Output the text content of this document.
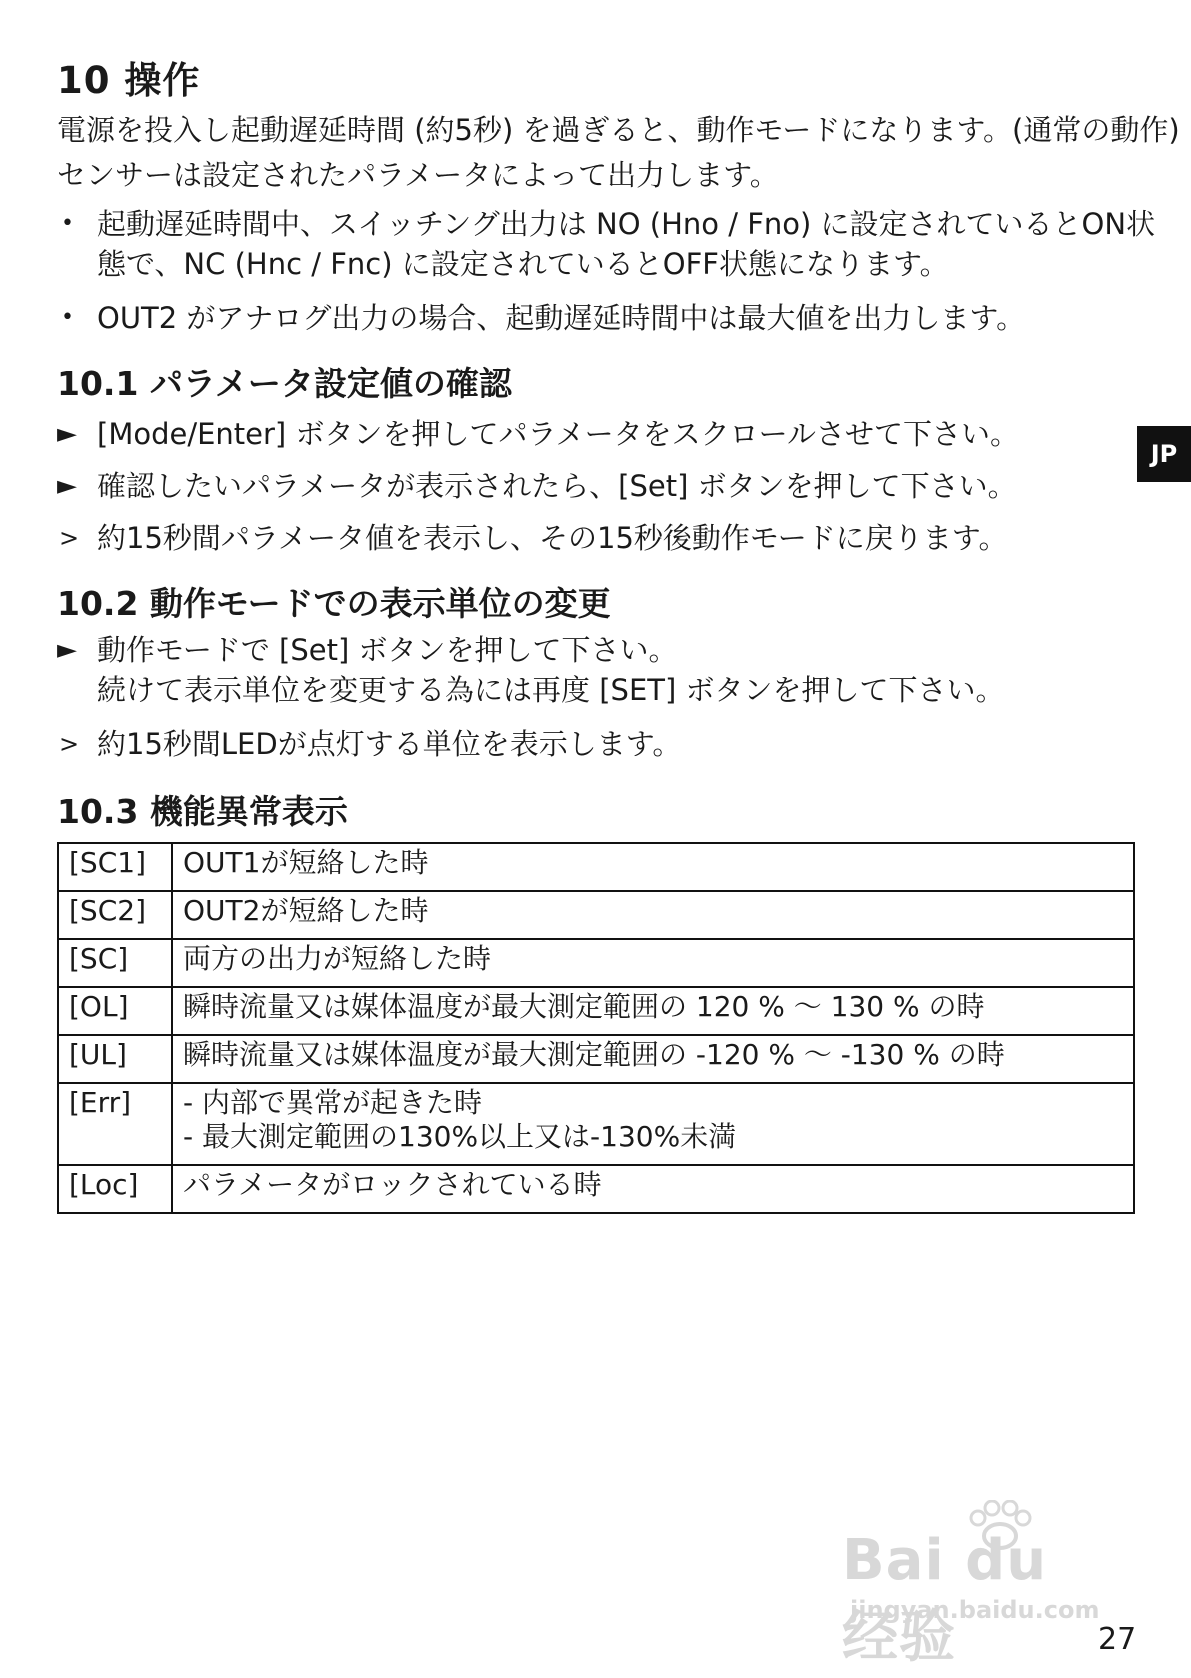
10 操作

電源を投入し起動遅延時間 (約5秒) を過ぎると、動作モードになります。(通常の動作)

センサーは設定されたパラメータによって出力します。

• 起動遅延時間中、スイッチング出力は NO (Hno / Fno) に設定されているとON状
態で、NC (Hnc / Fnc) に設定されているとOFF状態になります。
• OUT2 がアナログ出力の場合、起動遅延時間中は最大値を出力します。
10.1 パラメータ設定値の確認
► [Mode/Enter] ボタンを押してパラメータをスクロールさせて下さい。
► 確認したいパラメータが表示されたら、[Set] ボタンを押して下さい。
> 約15秒間パラメータ値を表示し、その15秒後動作モードに戻ります。
10.2 動作モードでの表示単位の変更
► 動作モードで [Set] ボタンを押して下さい。
続けて表示単位を変更する為には再度 [SET] ボタンを押して下さい。
> 約15秒間LEDが点灯する単位を表示します。
10.3 機能異常表示
[SC1]	OUT1が短絡した時
[SC2]	OUT2が短絡した時
[SC]	両方の出力が短絡した時
[OL]	瞬時流量又は媒体温度が最大測定範囲の 120 % 〜 130 % の時
[UL]	瞬時流量又は媒体温度が最大測定範囲の -120 % 〜 -130 % の時
[Err]	- 内部で異常が起きた時
- 最大測定範囲の130%以上又は-130%未満

[Loc]	パラメータがロックされている時
JP
Bai du 经验
jingyan.baidu.com
27
